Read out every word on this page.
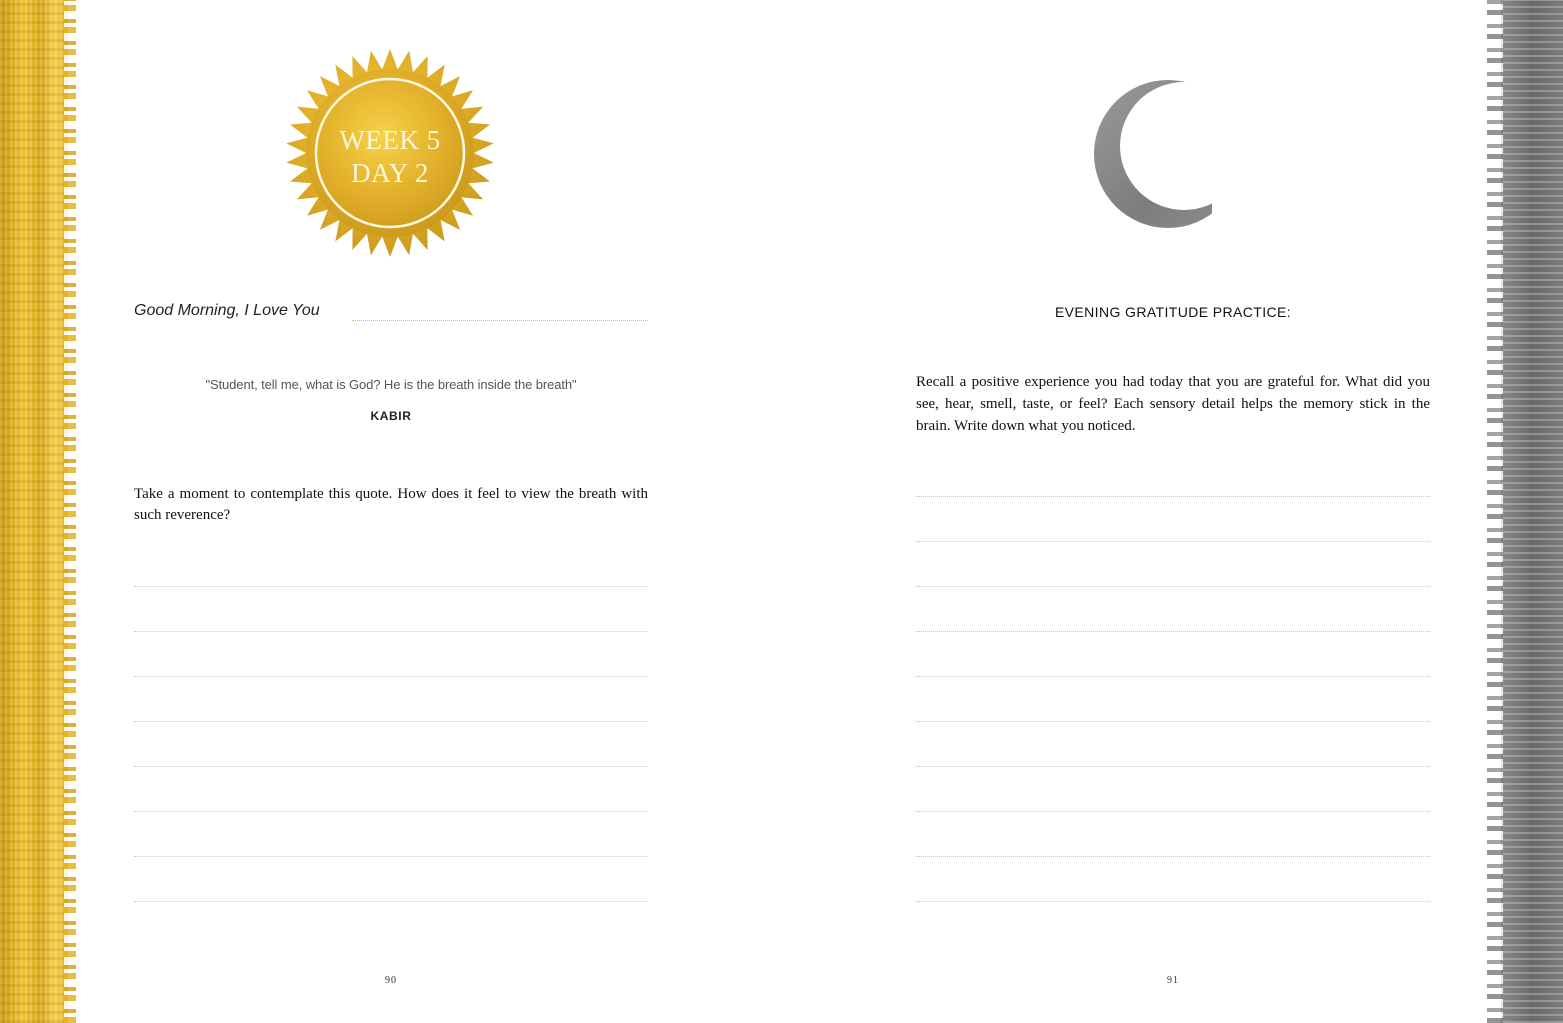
WEEK 5
DAY 2
Good Morning, I Love You
"Student, tell me, what is God? He is the breath inside the breath"
KABIR
Take a moment to contemplate this quote. How does it feel to view the breath with such reverence?
90
EVENING GRATITUDE PRACTICE:
Recall a positive experience you had today that you are grateful for. What did you see, hear, smell, taste, or feel? Each sensory detail helps the memory stick in the brain. Write down what you noticed.
91
